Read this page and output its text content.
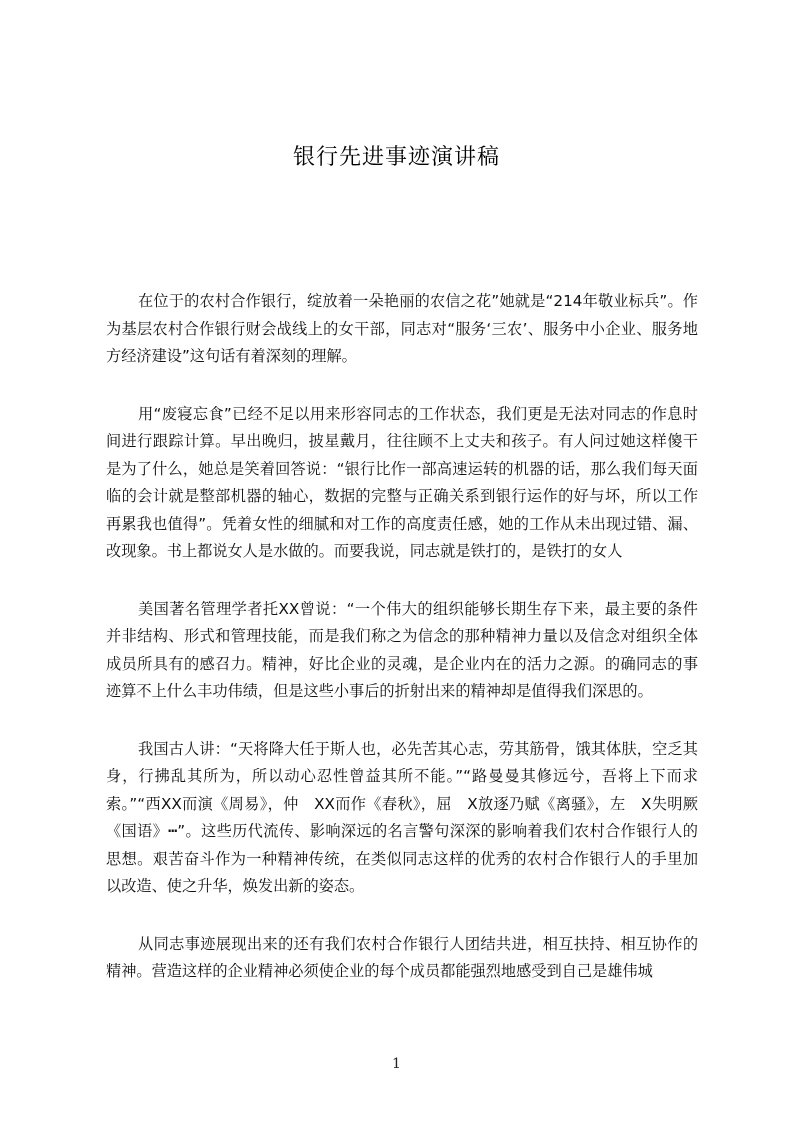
银行先进事迹演讲稿

在位于的农村合作银行，绽放着一朵艳丽的农信之花”她就是“214年敬业标兵”。作为基层农村合作银行财会战线上的女干部，同志对“服务‘三农’、服务中小企业、服务地方经济建设”这句话有着深刻的理解。

用“废寝忘食”已经不足以用来形容同志的工作状态，我们更是无法对同志的作息时间进行跟踪计算。早出晚归，披星戴月，往往顾不上丈夫和孩子。有人问过她这样傻干是为了什么，她总是笑着回答说：“银行比作一部高速运转的机器的话，那么我们每天面临的会计就是整部机器的轴心，数据的完整与正确关系到银行运作的好与坏，所以工作再累我也值得”。凭着女性的细腻和对工作的高度责任感，她的工作从未出现过错、漏、改现象。书上都说女人是水做的。而要我说，同志就是铁打的，是铁打的女人

美国著名管理学者托XX曾说：“一个伟大的组织能够长期生存下来，最主要的条件并非结构、形式和管理技能，而是我们称之为信念的那种精神力量以及信念对组织全体成员所具有的感召力。精神，好比企业的灵魂，是企业内在的活力之源。的确同志的事迹算不上什么丰功伟绩，但是这些小事后的折射出来的精神却是值得我们深思的。

我国古人讲：“天将降大任于斯人也，必先苦其心志，劳其筋骨，饿其体肤，空乏其身，行拂乱其所为，所以动心忍性曾益其所不能。”“路曼曼其修远兮，吾将上下而求索。”“西XX而演《周易》，仲　XX而作《春秋》，屈　X放逐乃赋《离骚》，左　X失明厥《国语》┅”。这些历代流传、影响深远的名言警句深深的影响着我们农村合作银行人的思想。艰苦奋斗作为一种精神传统，在类似同志这样的优秀的农村合作银行人的手里加以改造、使之升华，焕发出新的姿态。

从同志事迹展现出来的还有我们农村合作银行人团结共进，相互扶持、相互协作的精神。营造这样的企业精神必须使企业的每个成员都能强烈地感受到自己是雄伟城

1
